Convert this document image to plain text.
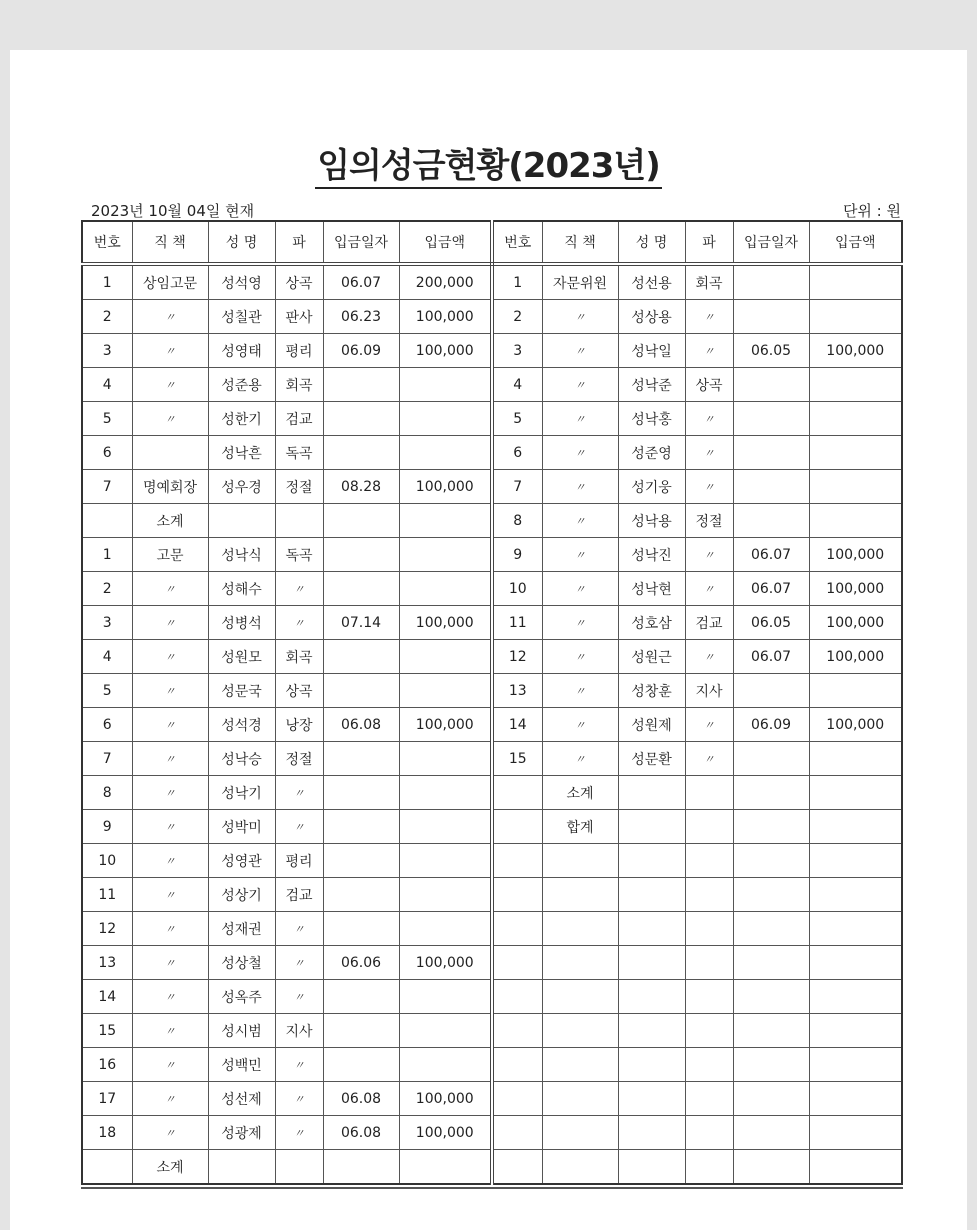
임의성금현황(2023년)
2023년 10월 04일 현재	단위 : 원
번호	직 책	성 명	파	입금일자	입금액	번호	직 책	성 명	파	입금일자	입금액
1	상임고문	성석영	상곡	06.07	200,000	1	자문위원	성선용	회곡		
2	〃	성칠관	판사	06.23	100,000	2	〃	성상용	〃		
3	〃	성영태	평리	06.09	100,000	3	〃	성낙일	〃	06.05	100,000
4	〃	성준용	회곡			4	〃	성낙준	상곡		
5	〃	성한기	검교			5	〃	성낙홍	〃		
6		성낙흔	독곡			6	〃	성준영	〃		
7	명예회장	성우경	정절	08.28	100,000	7	〃	성기웅	〃		
	소계					8	〃	성낙용	정절		
1	고문	성낙식	독곡			9	〃	성낙진	〃	06.07	100,000
2	〃	성해수	〃			10	〃	성낙현	〃	06.07	100,000
3	〃	성병석	〃	07.14	100,000	11	〃	성호삼	검교	06.05	100,000
4	〃	성원모	회곡			12	〃	성원근	〃	06.07	100,000
5	〃	성문국	상곡			13	〃	성창훈	지사		
6	〃	성석경	낭장	06.08	100,000	14	〃	성원제	〃	06.09	100,000
7	〃	성낙승	정절			15	〃	성문환	〃		
8	〃	성낙기	〃				소계				
9	〃	성박미	〃				합계				
10	〃	성영관	평리								
11	〃	성상기	검교								
12	〃	성재권	〃								
13	〃	성상철	〃	06.06	100,000						
14	〃	성옥주	〃								
15	〃	성시범	지사								
16	〃	성백민	〃								
17	〃	성선제	〃	06.08	100,000						
18	〃	성광제	〃	06.08	100,000						
	소계										
